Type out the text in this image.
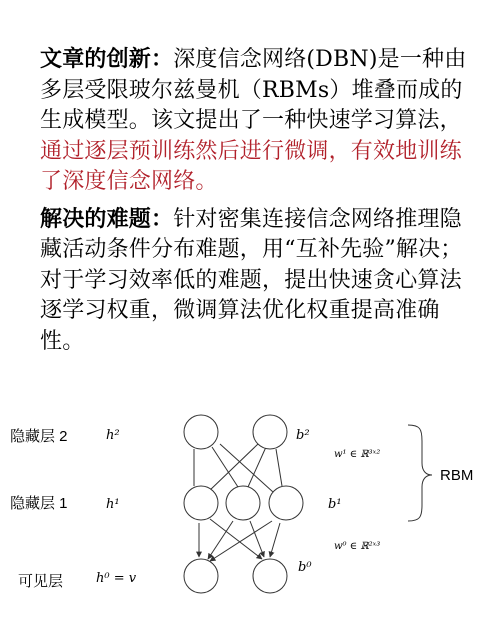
文章的创新：深度信念网络(DBN)是一种由多层受限玻尔兹曼机（RBMs）堆叠而成的生成模型。该文提出了一种快速学习算法，通过逐层预训练然后进行微调，有效地训练了深度信念网络。

解决的难题：针对密集连接信念网络推理隐藏活动条件分布难题，用“互补先验”解决；对于学习效率低的难题，提出快速贪心算法逐学习权重，微调算法优化权重提高准确性。

隐藏层 2
隐藏层 1
可见层
h²
h¹
h⁰ = v
b²
b¹
b⁰
w¹ ∈ ℝ³ˣ²
w⁰ ∈ ℝ²ˣ³
RBM
